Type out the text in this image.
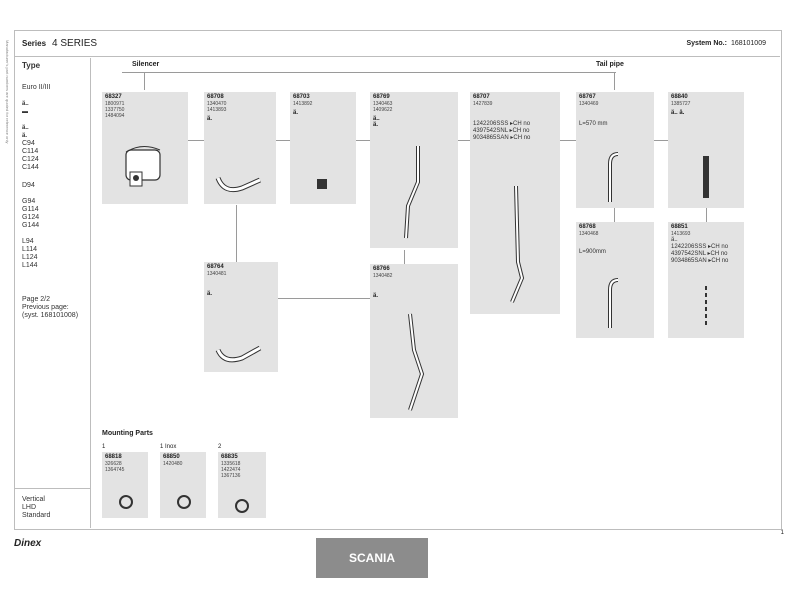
Manufacturer's part numbers are quoted for reference only Series 4 SERIES	System No.: 168101009
Type
Euro II/III
ä..
▬

ä..
ä.
C94
C114
C124
C144
D94
G94
G114
G124
G144
L94
L114
L124
L144
Page 2/2
Previous page:
(syst. 168101008)
Vertical
LHD
Standard
Silencer	Tail pipe
Mounting Parts
68327
1800971
1337750
1484094
68708
1340470
1413893
ä.
68703
1413892
ä.
68769
1340463
1409622
ä..
ä.
68707
1427839
1242206SSS ▸CH no
4397542SNL ▸CH no
9034865SAN ▸CH no
68767
1340469
L=570 mm
68840
1385727
ä.. ä.
68764
1340481
ä.
68766
1340482
ä.
68768
1340468
L=900mm
68851
1413693
ä..
1242206SSS ▸CH no
4397542SNL ▸CH no
9034865SAN ▸CH no
1
68818
326628
1364745
1 Inox
68850
1420480
2
68835
1335618
1422474
1367136
Dinex
SCANIA
1
